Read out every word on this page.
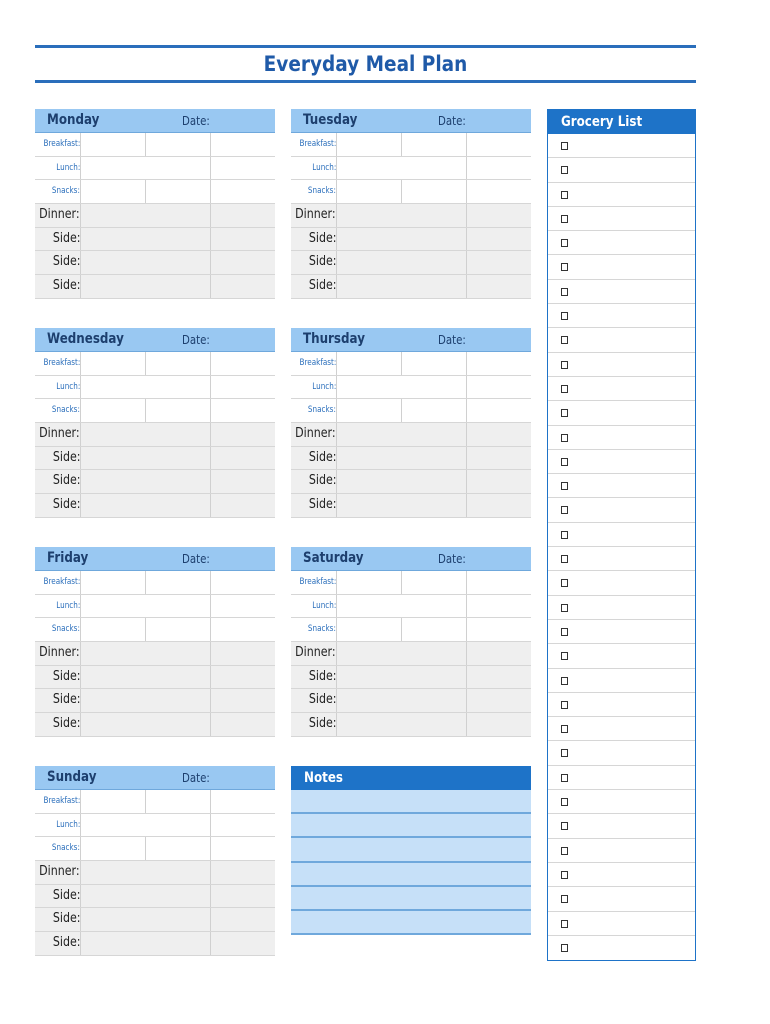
Everyday Meal Plan
Monday	Date:
Breakfast:
Lunch:
Snacks:
Dinner:
Side:
Side:
Side:
Tuesday	Date:
Breakfast:
Lunch:
Snacks:
Dinner:
Side:
Side:
Side:
Wednesday	Date:
Breakfast:
Lunch:
Snacks:
Dinner:
Side:
Side:
Side:
Thursday	Date:
Breakfast:
Lunch:
Snacks:
Dinner:
Side:
Side:
Side:
Friday	Date:
Breakfast:
Lunch:
Snacks:
Dinner:
Side:
Side:
Side:
Saturday	Date:
Breakfast:
Lunch:
Snacks:
Dinner:
Side:
Side:
Side:
Sunday	Date:
Breakfast:
Lunch:
Snacks:
Dinner:
Side:
Side:
Side:
Notes
Grocery List
